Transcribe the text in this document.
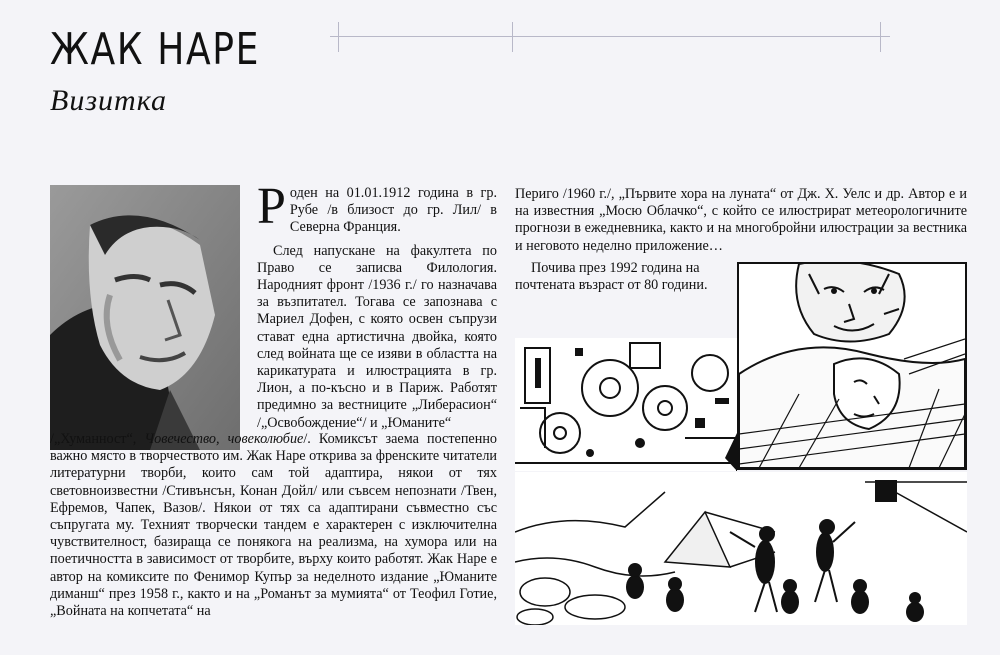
ЖАК НАРЕ
Визитка

Роден на 01.01.1912 година в гр. Рубе /в близост до гр. Лил/ в Северна Франция.

След напускане на факултета по Право се записва Филология. Народният фронт /1936 г./ го назначава за възпитател. Тогава се запознава с Мариел Дофен, с която освен съпрузи стават една артистична двойка, която след войната ще се изяви в областта на карикатурата и илюстрацията в гр. Лион, а по-късно и в Париж. Работят предимно за вестниците „Либерасион“ /„Освобождение“/ и „Юманите“

/„Хуманност“, Човечество, човеколюбие/. Комиксът заема постепенно важно място в творчеството им. Жак Наре открива за френските читатели литературни творби, които сам той адаптира, някои от тях световноизвестни /Стивънсън, Конан Дойл/ или съвсем непознати /Твен, Ефремов, Чапек, Вазов/. Някои от тях са адаптирани съвместно със съпругата му. Техният творчески тандем е характерен с изключителна чувствителност, базираща се понякога на реализма, на хумора или на поетичността в зависимост от творбите, върху които работят. Жак Наре е автор на комиксите по Фенимор Купър за неделното издание „Юманите диманш“ през 1958 г., както и на „Романът за мумията“ от Теофил Готие, „Войната на копчетата“ на

Периго /1960 г./, „Първите хора на луната“ от Дж. Х. Уелс и др. Автор е и на известния „Мосю Облачко“, с който се илюстрират метеорологичните прогнози в ежедневника, както и на многобройни илюстрации за вестника и неговото неделно приложение…

Почива през 1992 година на почтената възраст от 80 години.
